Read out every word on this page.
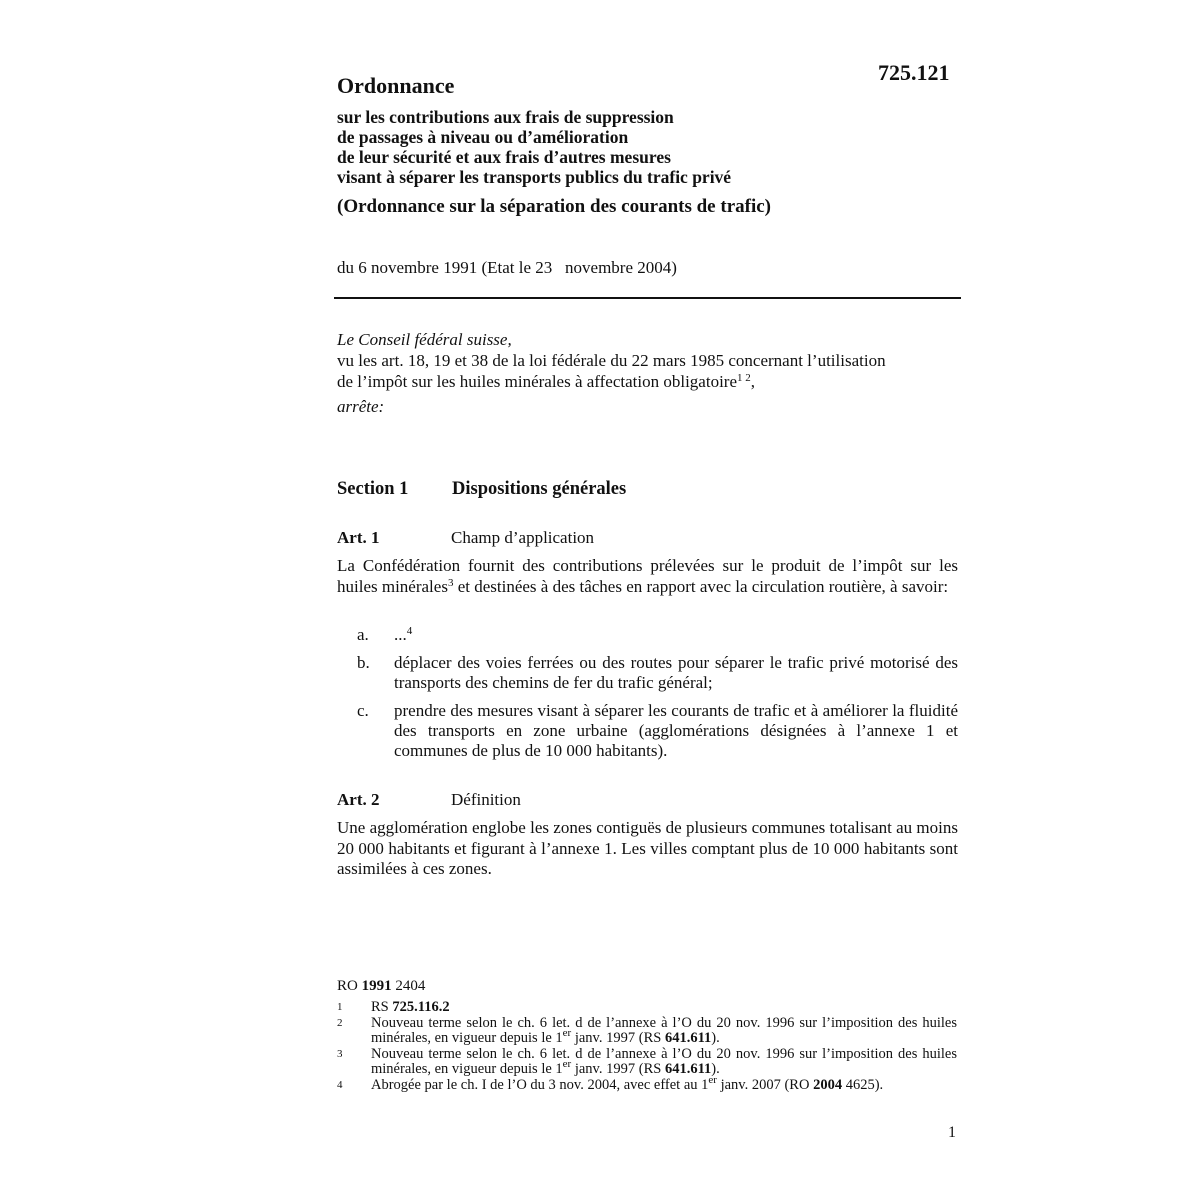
725.121
Ordonnance
sur les contributions aux frais de suppression
de passages à niveau ou d’amélioration
de leur sécurité et aux frais d’autres mesures
visant à séparer les transports publics du trafic privé
(Ordonnance sur la séparation des courants de trafic)
du 6 novembre 1991 (Etat le 23   novembre 2004)
Le Conseil fédéral suisse,
vu les art. 18, 19 et 38 de la loi fédérale du 22 mars 1985 concernant l’utilisation
de l’impôt sur les huiles minérales à affectation obligatoire$^{1 2}$,
arrête:
Section 1 Dispositions générales
Art. 1	Champ d’application
La Confédération fournit des contributions prélevées sur le produit de l’impôt sur les huiles minérales$^3$ et destinées à des tâches en rapport avec la circulation routière, à savoir:
a.	...$^4$
b.	déplacer des voies ferrées ou des routes pour séparer le trafic privé motorisé des transports des chemins de fer du trafic général;
c.	prendre des mesures visant à séparer les courants de trafic et à améliorer la fluidité des transports en zone urbaine (agglomérations désignées à l’annexe 1 et communes de plus de 10 000 habitants).
Art. 2	Définition
Une agglomération englobe les zones contiguës de plusieurs communes totalisant au moins 20 000 habitants et figurant à l’annexe 1. Les villes comptant plus de 10 000 habitants sont assimilées à ces zones.
RO 1991 2404
1	RS 725.116.2
2	Nouveau terme selon le ch. 6 let. d de l’annexe à l’O du 20 nov. 1996 sur l’imposition des huiles minérales, en vigueur depuis le 1er janv. 1997 (RS 641.611).
3	Nouveau terme selon le ch. 6 let. d de l’annexe à l’O du 20 nov. 1996 sur l’imposition des huiles minérales, en vigueur depuis le 1er janv. 1997 (RS 641.611).
4	Abrogée par le ch. I de l’O du 3 nov. 2004, avec effet au 1er janv. 2007 (RO 2004 4625).
1
